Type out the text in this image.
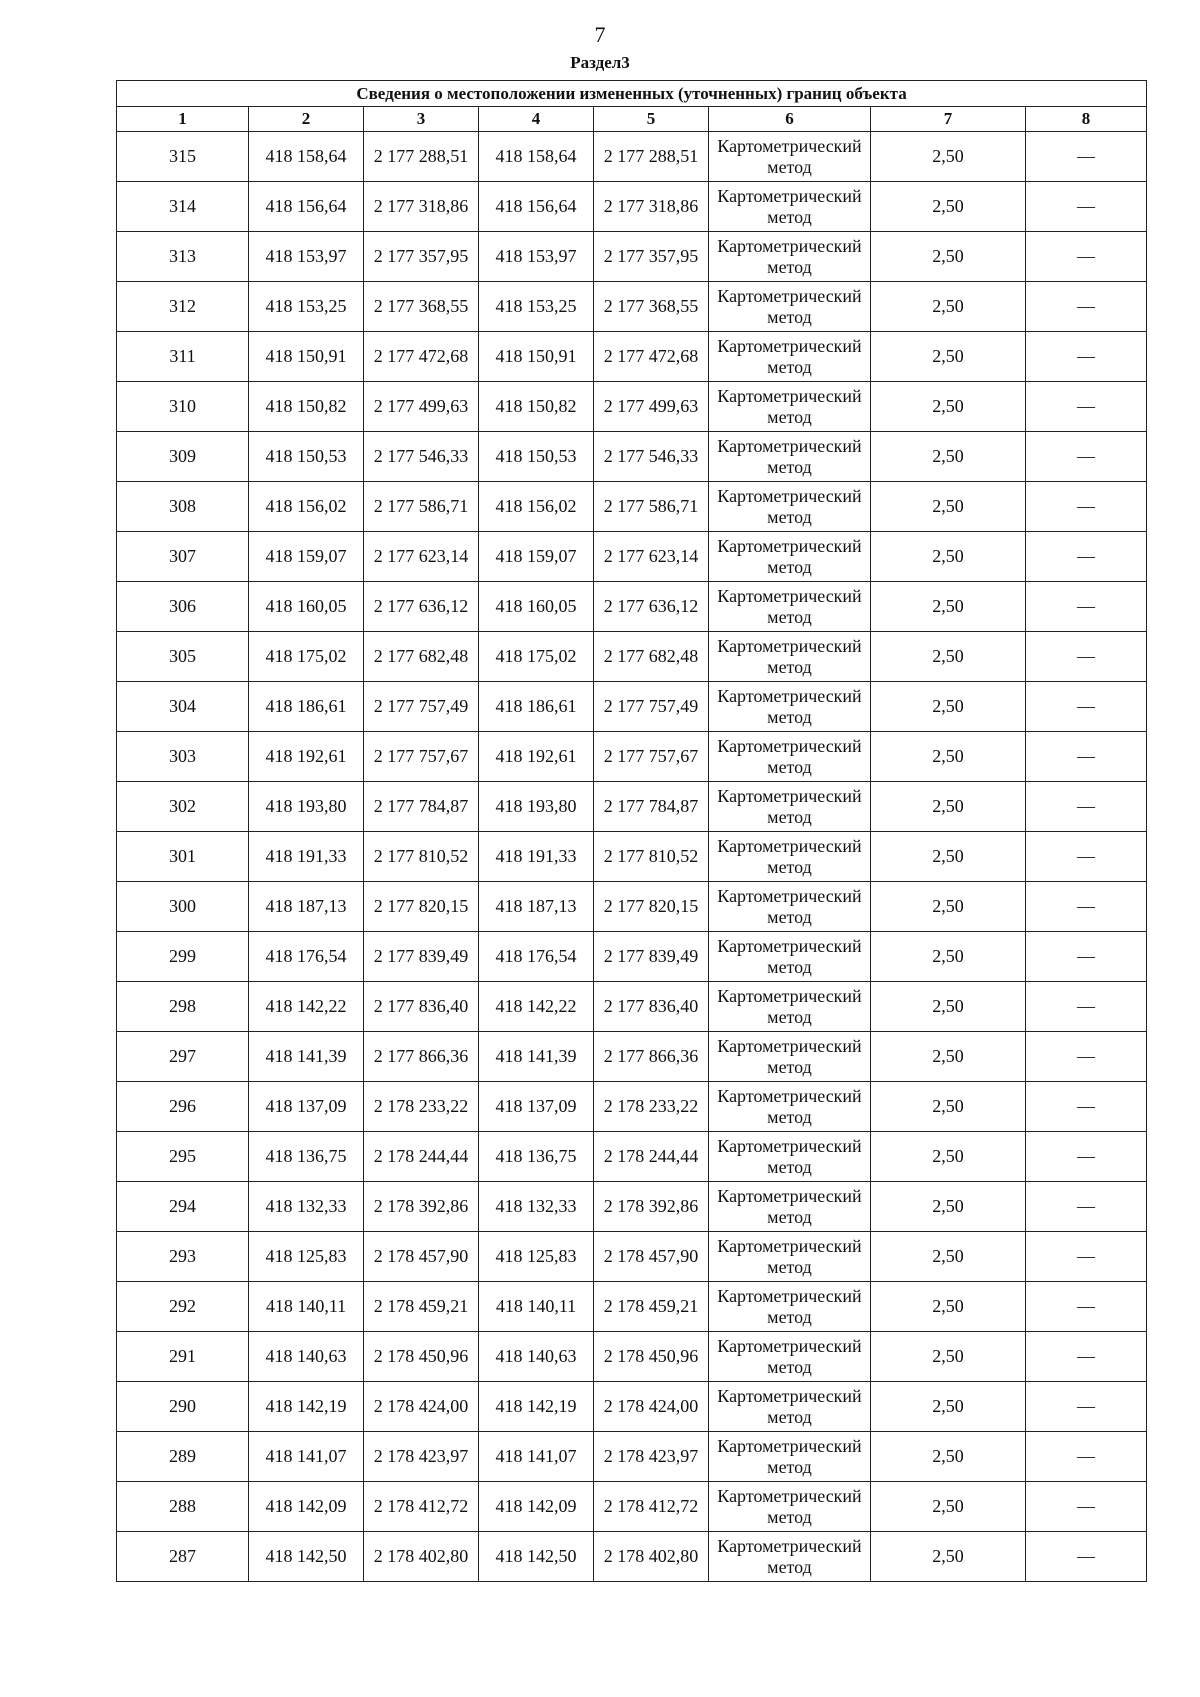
7
Раздел3
Сведения о местоположении измененных (уточненных) границ объекта							
1	2	3	4	5	6	7	8
315	418 158,64	2 177 288,51	418 158,64	2 177 288,51	Картометрический метод	2,50	—
314	418 156,64	2 177 318,86	418 156,64	2 177 318,86	Картометрический метод	2,50	—
313	418 153,97	2 177 357,95	418 153,97	2 177 357,95	Картометрический метод	2,50	—
312	418 153,25	2 177 368,55	418 153,25	2 177 368,55	Картометрический метод	2,50	—
311	418 150,91	2 177 472,68	418 150,91	2 177 472,68	Картометрический метод	2,50	—
310	418 150,82	2 177 499,63	418 150,82	2 177 499,63	Картометрический метод	2,50	—
309	418 150,53	2 177 546,33	418 150,53	2 177 546,33	Картометрический метод	2,50	—
308	418 156,02	2 177 586,71	418 156,02	2 177 586,71	Картометрический метод	2,50	—
307	418 159,07	2 177 623,14	418 159,07	2 177 623,14	Картометрический метод	2,50	—
306	418 160,05	2 177 636,12	418 160,05	2 177 636,12	Картометрический метод	2,50	—
305	418 175,02	2 177 682,48	418 175,02	2 177 682,48	Картометрический метод	2,50	—
304	418 186,61	2 177 757,49	418 186,61	2 177 757,49	Картометрический метод	2,50	—
303	418 192,61	2 177 757,67	418 192,61	2 177 757,67	Картометрический метод	2,50	—
302	418 193,80	2 177 784,87	418 193,80	2 177 784,87	Картометрический метод	2,50	—
301	418 191,33	2 177 810,52	418 191,33	2 177 810,52	Картометрический метод	2,50	—
300	418 187,13	2 177 820,15	418 187,13	2 177 820,15	Картометрический метод	2,50	—
299	418 176,54	2 177 839,49	418 176,54	2 177 839,49	Картометрический метод	2,50	—
298	418 142,22	2 177 836,40	418 142,22	2 177 836,40	Картометрический метод	2,50	—
297	418 141,39	2 177 866,36	418 141,39	2 177 866,36	Картометрический метод	2,50	—
296	418 137,09	2 178 233,22	418 137,09	2 178 233,22	Картометрический метод	2,50	—
295	418 136,75	2 178 244,44	418 136,75	2 178 244,44	Картометрический метод	2,50	—
294	418 132,33	2 178 392,86	418 132,33	2 178 392,86	Картометрический метод	2,50	—
293	418 125,83	2 178 457,90	418 125,83	2 178 457,90	Картометрический метод	2,50	—
292	418 140,11	2 178 459,21	418 140,11	2 178 459,21	Картометрический метод	2,50	—
291	418 140,63	2 178 450,96	418 140,63	2 178 450,96	Картометрический метод	2,50	—
290	418 142,19	2 178 424,00	418 142,19	2 178 424,00	Картометрический метод	2,50	—
289	418 141,07	2 178 423,97	418 141,07	2 178 423,97	Картометрический метод	2,50	—
288	418 142,09	2 178 412,72	418 142,09	2 178 412,72	Картометрический метод	2,50	—
287	418 142,50	2 178 402,80	418 142,50	2 178 402,80	Картометрический метод	2,50	—
